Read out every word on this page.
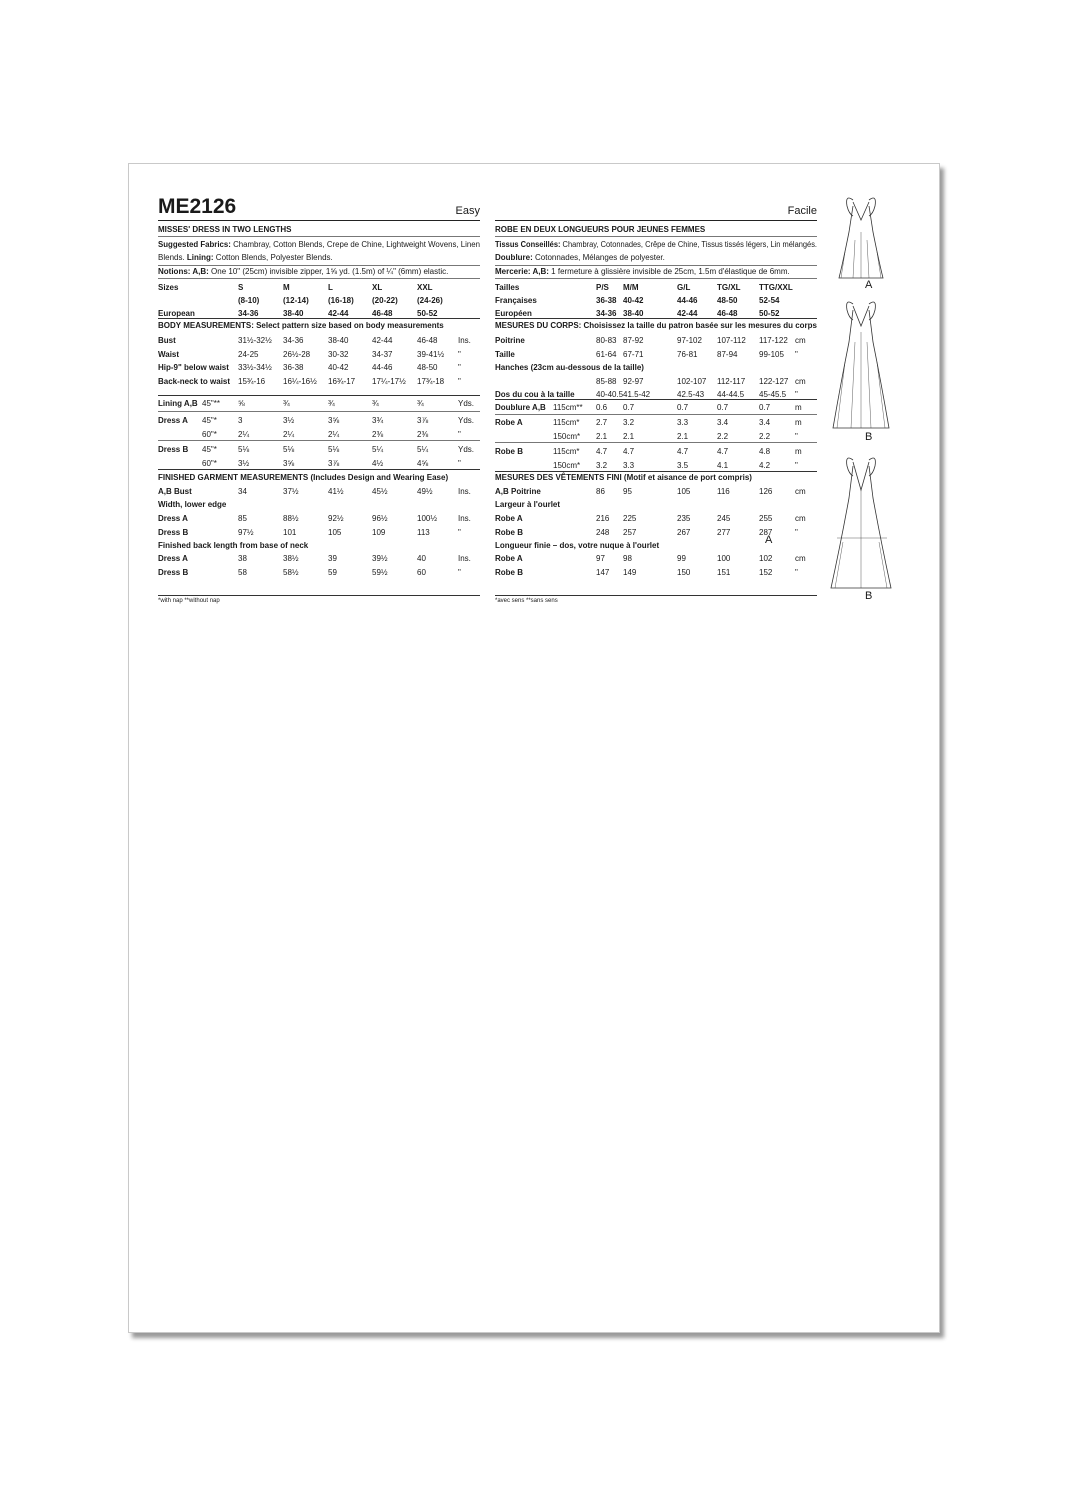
ME2126	Easy
MISSES' DRESS IN TWO LENGTHS
Suggested Fabrics: Chambray, Cotton Blends, Crepe de Chine, Lightweight Wovens, Linen
Blends. Lining: Cotton Blends, Polyester Blends.
Notions: A,B: One 10" (25cm) invisible zipper, 1⅝ yd. (1.5m) of ¼" (6mm) elastic.
Sizes	S	M	L	XL	XXL
(8-10)	(12-14) (16-18) (20-22) (24-26)
European	34-36	38-40	42-44	46-48	50-52
BODY MEASUREMENTS: Select pattern size based on body measurements
Bust	31½-32½ 34-36	38-40	42-44	46-48	Ins.
Waist	24-25	26½-28 30-32	34-37	39-41½ "
Hip-9" below waist 33½-34½ 36-38	40-42	44-46	48-50	"
Back-neck to waist 15¾-16 16¼-16½ 16¾-17 17¼-17½ 17¾-18 "
Lining A,B 45"** ⅝	¾	¾	¾	¾	Yds.
Dress A 45"*	3	3½	3⅝	3¾	3⅞	Yds.
60"*	2¼	2¼	2¼	2⅜	2⅜	"
Dress B 45"*	5⅛	5⅛	5⅛	5¼	5¼	Yds.
60"*	3½	3⅝	3⅞	4½	4⅝	"
FINISHED GARMENT MEASUREMENTS (Includes Design and Wearing Ease)
A,B Bust	34	37½	41½	45½	49½	Ins.
Width, lower edge
Dress A	85	88½	92½	96½	100½	Ins.
Dress B	97½	101	105	109	113	"
Finished back length from base of neck
Dress A	38	38½	39	39½	40	Ins.
Dress B	58	58½	59	59½	60	"
*with nap **without nap
Facile
ROBE EN DEUX LONGUEURS POUR JEUNES FEMMES
Tissus Conseillés: Chambray, Cotonnades, Crêpe de Chine, Tissus tissés légers, Lin mélangés.
Doublure: Cotonnades, Mélanges de polyester.
Mercerie: A,B: 1 fermeture à glissière invisible de 25cm, 1.5m d'élastique de 6mm.
Tailles	P/S M/M	G/L	TG/XL TTG/XXL
Françaises	36-38 40-42	44-46 48-50	52-54
Européen	34-36 38-40	42-44 46-48	50-52
MESURES DU CORPS: Choisissez la taille du patron basée sur les mesures du corps
Poitrine	80-83 87-92	97-102 107-112 117-122 cm
Taille	61-64 67-71	76-81 87-94	99-105 "
Hanches (23cm au-dessous de la taille)
85-88 92-97	102-107 112-117 122-127 cm
Dos du cou à la taille	40-40.5 41.5-42	42.5-43 44-44.5 45-45.5 "
Doublure A,B 115cm** 0.6 0.7	0.7	0.7	0.7	m
Robe A	115cm* 2.7 3.2	3.3	3.4	3.4	m
150cm* 2.1 2.1	2.1	2.2	2.2	"
Robe B	115cm* 4.7 4.7	4.7	4.7	4.8	m
150cm* 3.2 3.3	3.5	4.1	4.2	"
MESURES DES VÊTEMENTS FINI (Motif et aisance de port compris)
A,B Poitrine	86 95	105	116	126	cm
Largeur à l'ourlet
Robe A	216 225	235	245	255	cm
Robe B	248 257	267	277	287	"
Longueur finie – dos, votre nuque à l'ourlet
Robe A	97 98	99	100	102	cm
Robe B	147 149	150	151	152	"
*avec sens **sans sens
A
B
A
B
